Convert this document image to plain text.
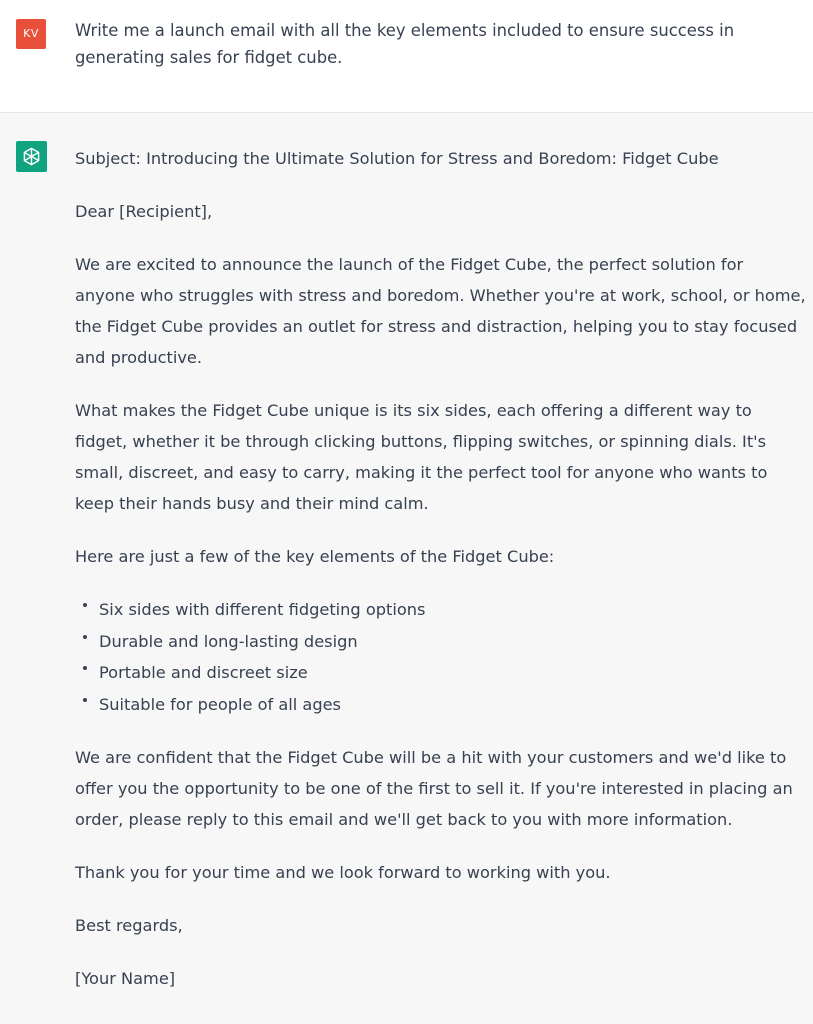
KV	Write me a launch email with all the key elements included to ensure success in generating sales for fidget cube.

Subject: Introducing the Ultimate Solution for Stress and Boredom: Fidget Cube

Dear [Recipient],

We are excited to announce the launch of the Fidget Cube, the perfect solution for anyone who struggles with stress and boredom. Whether you're at work, school, or home, the Fidget Cube provides an outlet for stress and distraction, helping you to stay focused and productive.

What makes the Fidget Cube unique is its six sides, each offering a different way to fidget, whether it be through clicking buttons, flipping switches, or spinning dials. It's small, discreet, and easy to carry, making it the perfect tool for anyone who wants to keep their hands busy and their mind calm.

Here are just a few of the key elements of the Fidget Cube:

Six sides with different fidgeting options
Durable and long-lasting design
Portable and discreet size
Suitable for people of all ages

We are confident that the Fidget Cube will be a hit with your customers and we'd like to offer you the opportunity to be one of the first to sell it. If you're interested in placing an order, please reply to this email and we'll get back to you with more information.

Thank you for your time and we look forward to working with you.

Best regards,

[Your Name]
